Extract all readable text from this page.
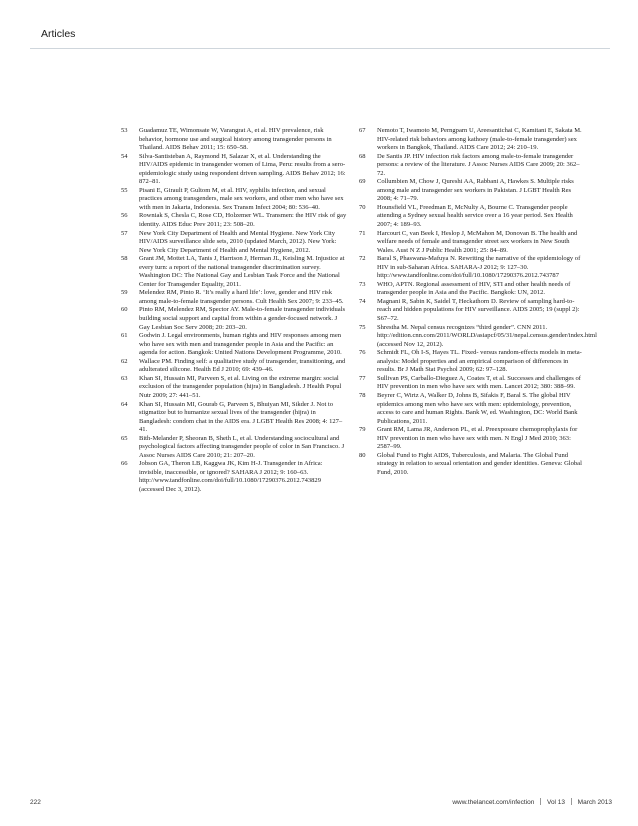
Articles
53	Guadamuz TE, Wimonsate W, Varangrat A, et al. HIV prevalence, risk behavior, hormone use and surgical history among transgender persons in Thailand. AIDS Behav 2011; 15: 650–58.
54	Silva-Santisteban A, Raymond H, Salazar X, et al. Understanding the HIV/AIDS epidemic in transgender women of Lima, Peru: results from a sero-epidemiologic study using respondent driven sampling. AIDS Behav 2012; 16: 872–81.
55	Pisani E, Girault P, Gultom M, et al. HIV, syphilis infection, and sexual practices among transgenders, male sex workers, and other men who have sex with men in Jakarta, Indonesia. Sex Transm Infect 2004; 80: 536–40.
56	Rowniak S, Chesla C, Rose CD, Holzemer WL. Transmen: the HIV risk of gay identity. AIDS Educ Prev 2011; 23: 508–20.
57	New York City Department of Health and Mental Hygiene. New York City HIV/AIDS surveillance slide sets, 2010 (updated March, 2012). New York: New York City Department of Health and Mental Hygiene, 2012.
58	Grant JM, Mottet LA, Tanis J, Harrison J, Herman JL, Keisling M. Injustice at every turn: a report of the national transgender discrimination survey. Washington DC: The National Gay and Lesbian Task Force and the National Center for Transgender Equality, 2011.
59	Melendez RM, Pinto R. ‘It’s really a hard life’: love, gender and HIV risk among male-to-female transgender persons. Cult Health Sex 2007; 9: 233–45.
60	Pinto RM, Melendez RM, Spector AY. Male-to-female transgender individuals building social support and capital from within a gender-focused network. J Gay Lesbian Soc Serv 2008; 20: 203–20.
61	Godwin J. Legal environments, human rights and HIV responses among men who have sex with men and transgender people in Asia and the Pacific: an agenda for action. Bangkok: United Nations Development Programme, 2010.
62	Wallace PM. Finding self: a qualitative study of transgender, transitioning, and adulterated silicone. Health Ed J 2010; 69: 439–46.
63	Khan SI, Hussain MI, Parveen S, et al. Living on the extreme margin: social exclusion of the transgender population (hijra) in Bangladesh. J Health Popul Nutr 2009; 27: 441–51.
64	Khan SI, Hussain MI, Gourab G, Parveen S, Bhuiyan MI, Sikder J. Not to stigmatize but to humanize sexual lives of the transgender (hijra) in Bangladesh: condom chat in the AIDS era. J LGBT Health Res 2008; 4: 127–41.
65	Bith-Melander P, Sheoran B, Sheth L, et al. Understanding sociocultural and psychological factors affecting transgender people of color in San Francisco. J Assoc Nurses AIDS Care 2010; 21: 207–20.
66	Jobson GA, Theron LB, Kaggwa JK, Kim H-J. Transgender in Africa: invisible, inaccessible, or ignored? SAHARA J 2012; 9: 160–63. http://www.tandfonline.com/doi/full/10.1080/17290376.2012.743829 (accessed Dec 3, 2012).
67	Nemoto T, Iwamoto M, Perngparn U, Areesantichai C, Kamitani E, Sakata M. HIV-related risk behaviors among kathoey (male-to-female transgender) sex workers in Bangkok, Thailand. AIDS Care 2012; 24: 210–19.
68	De Santis JP. HIV infection risk factors among male-to-female transgender persons: a review of the literature. J Assoc Nurses AIDS Care 2009; 20: 362–72.
69	Collumbien M, Chow J, Qureshi AA, Rabbani A, Hawkes S. Multiple risks among male and transgender sex workers in Pakistan. J LGBT Health Res 2008; 4: 71–79.
70	Hounsfield VL, Freedman E, McNulty A, Bourne C. Transgender people attending a Sydney sexual health service over a 16 year period. Sex Health 2007; 4: 189–93.
71	Harcourt C, van Beek I, Heslop J, McMahon M, Donovan B. The health and welfare needs of female and transgender street sex workers in New South Wales. Aust N Z J Public Health 2001; 25: 84–89.
72	Baral S, Phaswana-Mafuya N. Rewriting the narrative of the epidemiology of HIV in sub-Saharan Africa. SAHARA-J 2012; 9: 127–30. http://www.tandfonline.com/doi/full/10.1080/17290376.2012.743787
73	WHO, APTN. Regional assessment of HIV, STI and other health needs of transgender people in Asia and the Pacific. Bangkok: UN, 2012.
74	Magnani R, Sabin K, Saidel T, Heckathorn D. Review of sampling hard-to-reach and hidden populations for HIV surveillance. AIDS 2005; 19 (suppl 2): S67–72.
75	Shrestha M. Nepal census recognizes “third gender”. CNN 2011. http://edition.cnn.com/2011/WORLD/asiapcf/05/31/nepal.census.gender/index.html (accessed Nov 12, 2012).
76	Schmidt FL, Oh I-S, Hayes TL. Fixed- versus random-effects models in meta-analysis: Model properties and an empirical comparison of differences in results. Br J Math Stat Psychol 2009; 62: 97–128.
77	Sullivan PS, Carballo-Dieguez A, Coates T, et al. Successes and challenges of HIV prevention in men who have sex with men. Lancet 2012; 380: 388–99.
78	Beyrer C, Wirtz A, Walker D, Johns B, Sifakis F, Baral S. The global HIV epidemics among men who have sex with men: epidemiology, prevention, access to care and human Rights. Bank W, ed. Washington, DC: World Bank Publications, 2011.
79	Grant RM, Lama JR, Anderson PL, et al. Preexposure chemoprophylaxis for HIV prevention in men who have sex with men. N Engl J Med 2010; 363: 2587–99.
80	Global Fund to Fight AIDS, Tuberculosis, and Malaria. The Global Fund strategy in relation to sexual orientation and gender identities. Geneva: Global Fund, 2010.
222	www.thelancet.com/infection Vol 13 March 2013
